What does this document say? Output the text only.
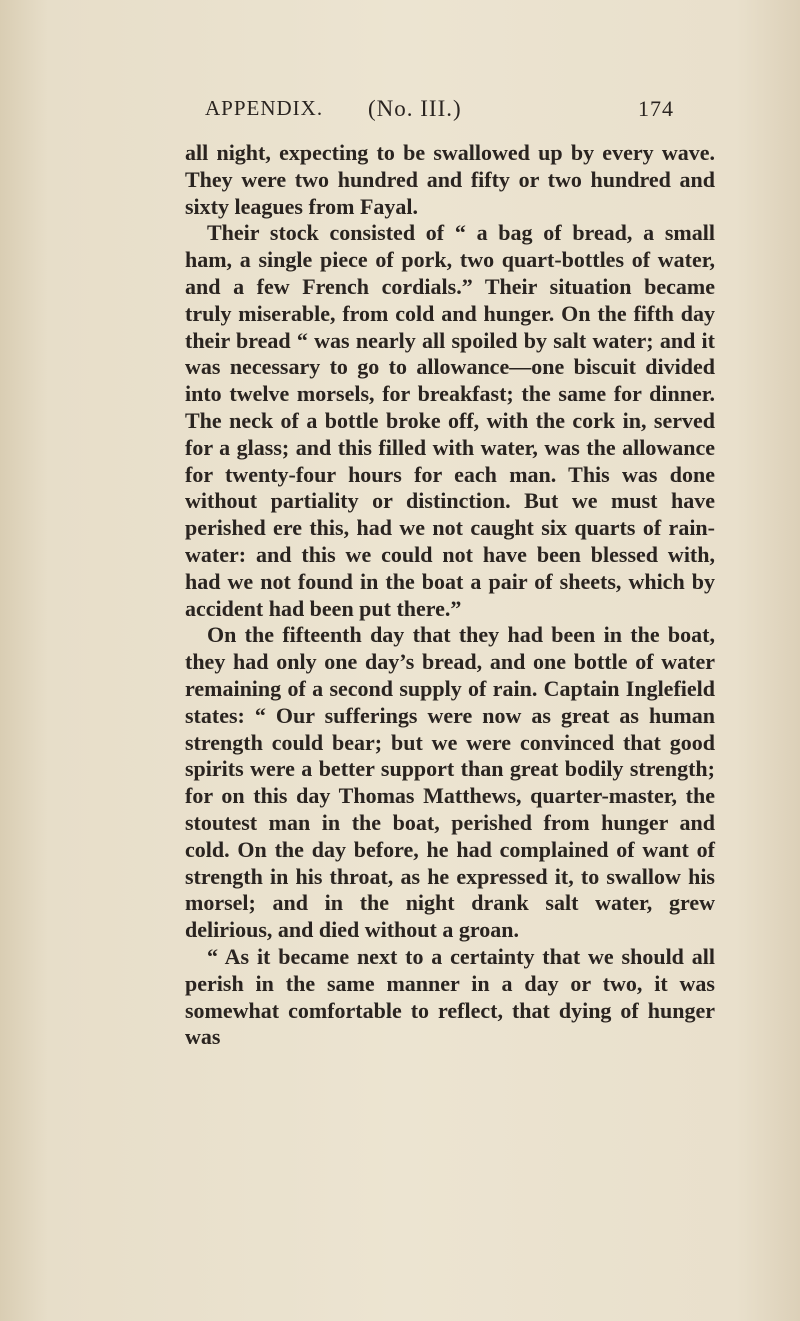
APPENDIX. (No. III.)	174

all night, expecting to be swallowed up by every wave. They were two hundred and fifty or two hundred and sixty leagues from Fayal.

Their stock consisted of “ a bag of bread, a small ham, a single piece of pork, two quart-bottles of water, and a few French cordials.” Their situation became truly miserable, from cold and hunger. On the fifth day their bread “ was nearly all spoiled by salt water; and it was necessary to go to allowance—one biscuit divided into twelve morsels, for breakfast; the same for dinner. The neck of a bottle broke off, with the cork in, served for a glass; and this filled with water, was the allowance for twenty-four hours for each man. This was done without partiality or distinction. But we must have perished ere this, had we not caught six quarts of rain-water: and this we could not have been blessed with, had we not found in the boat a pair of sheets, which by accident had been put there.”

On the fifteenth day that they had been in the boat, they had only one day’s bread, and one bottle of water remaining of a second supply of rain. Captain Inglefield states: “ Our sufferings were now as great as human strength could bear; but we were convinced that good spirits were a better support than great bodily strength; for on this day Thomas Matthews, quarter-master, the stoutest man in the boat, perished from hunger and cold. On the day before, he had complained of want of strength in his throat, as he expressed it, to swallow his morsel; and in the night drank salt water, grew delirious, and died without a groan.

“ As it became next to a certainty that we should all perish in the same manner in a day or two, it was somewhat comfortable to reflect, that dying of hunger was
